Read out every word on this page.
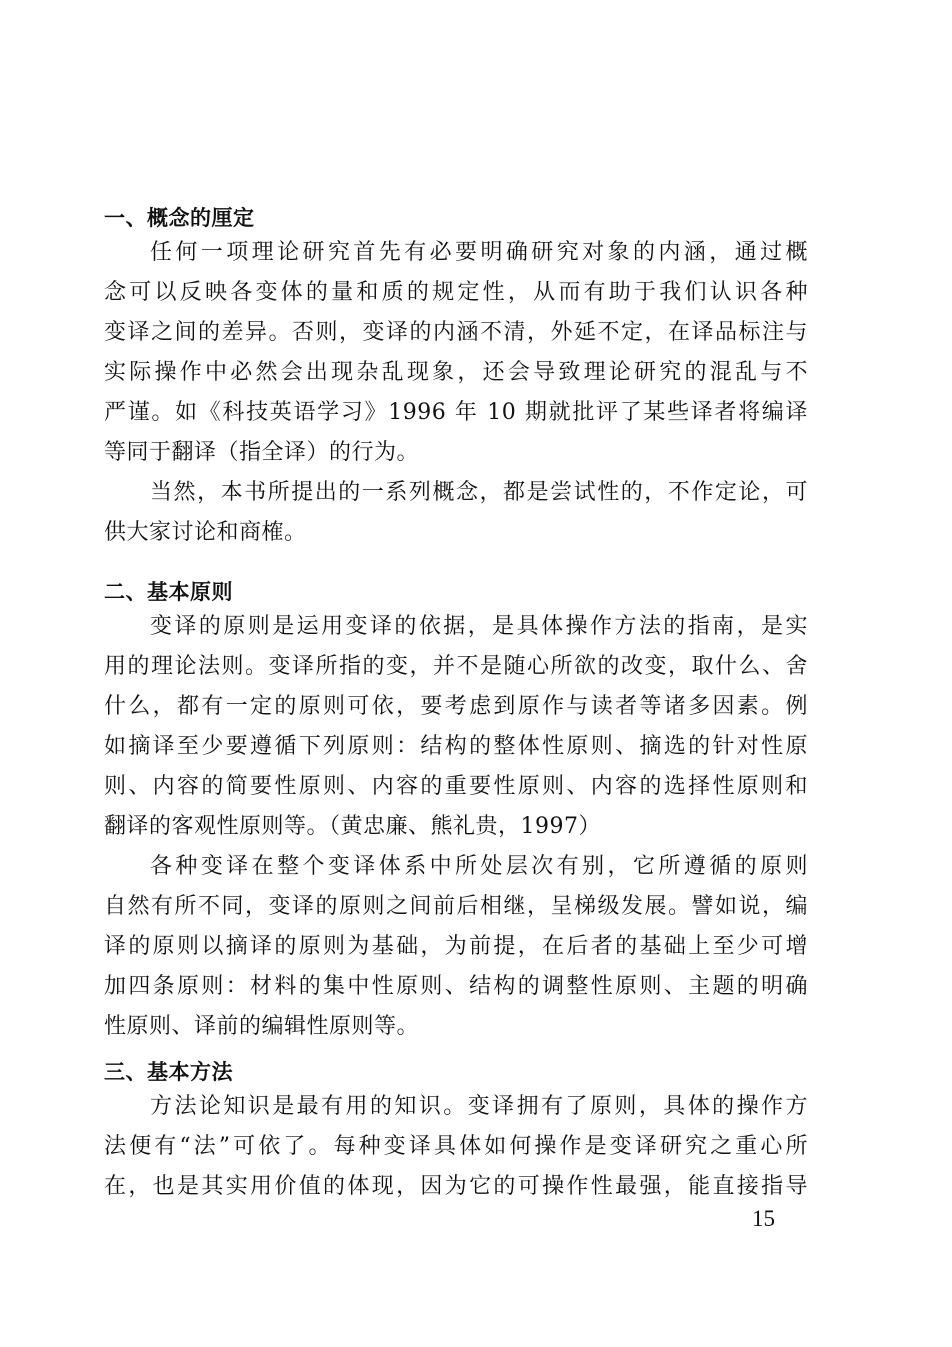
一、概念的厘定
任何一项理论研究首先有必要明确研究对象的内涵，通过概
念可以反映各变体的量和质的规定性，从而有助于我们认识各种
变译之间的差异。否则，变译的内涵不清，外延不定，在译品标注与
实际操作中必然会出现杂乱现象，还会导致理论研究的混乱与不
严谨。如《科技英语学习》1996 年 10 期就批评了某些译者将编译
等同于翻译（指全译）的行为。
当然，本书所提出的一系列概念，都是尝试性的，不作定论，可
供大家讨论和商榷。
二、基本原则
变译的原则是运用变译的依据，是具体操作方法的指南，是实
用的理论法则。变译所指的变，并不是随心所欲的改变，取什么、舍
什么，都有一定的原则可依，要考虑到原作与读者等诸多因素。例
如摘译至少要遵循下列原则：结构的整体性原则、摘选的针对性原
则、内容的简要性原则、内容的重要性原则、内容的选择性原则和
翻译的客观性原则等。（黄忠廉、熊礼贵，1997）
各种变译在整个变译体系中所处层次有别，它所遵循的原则
自然有所不同，变译的原则之间前后相继，呈梯级发展。譬如说，编
译的原则以摘译的原则为基础，为前提，在后者的基础上至少可增
加四条原则：材料的集中性原则、结构的调整性原则、主题的明确
性原则、译前的编辑性原则等。
三、基本方法
方法论知识是最有用的知识。变译拥有了原则，具体的操作方
法便有“法”可依了。每种变译具体如何操作是变译研究之重心所
在，也是其实用价值的体现，因为它的可操作性最强，能直接指导
15
